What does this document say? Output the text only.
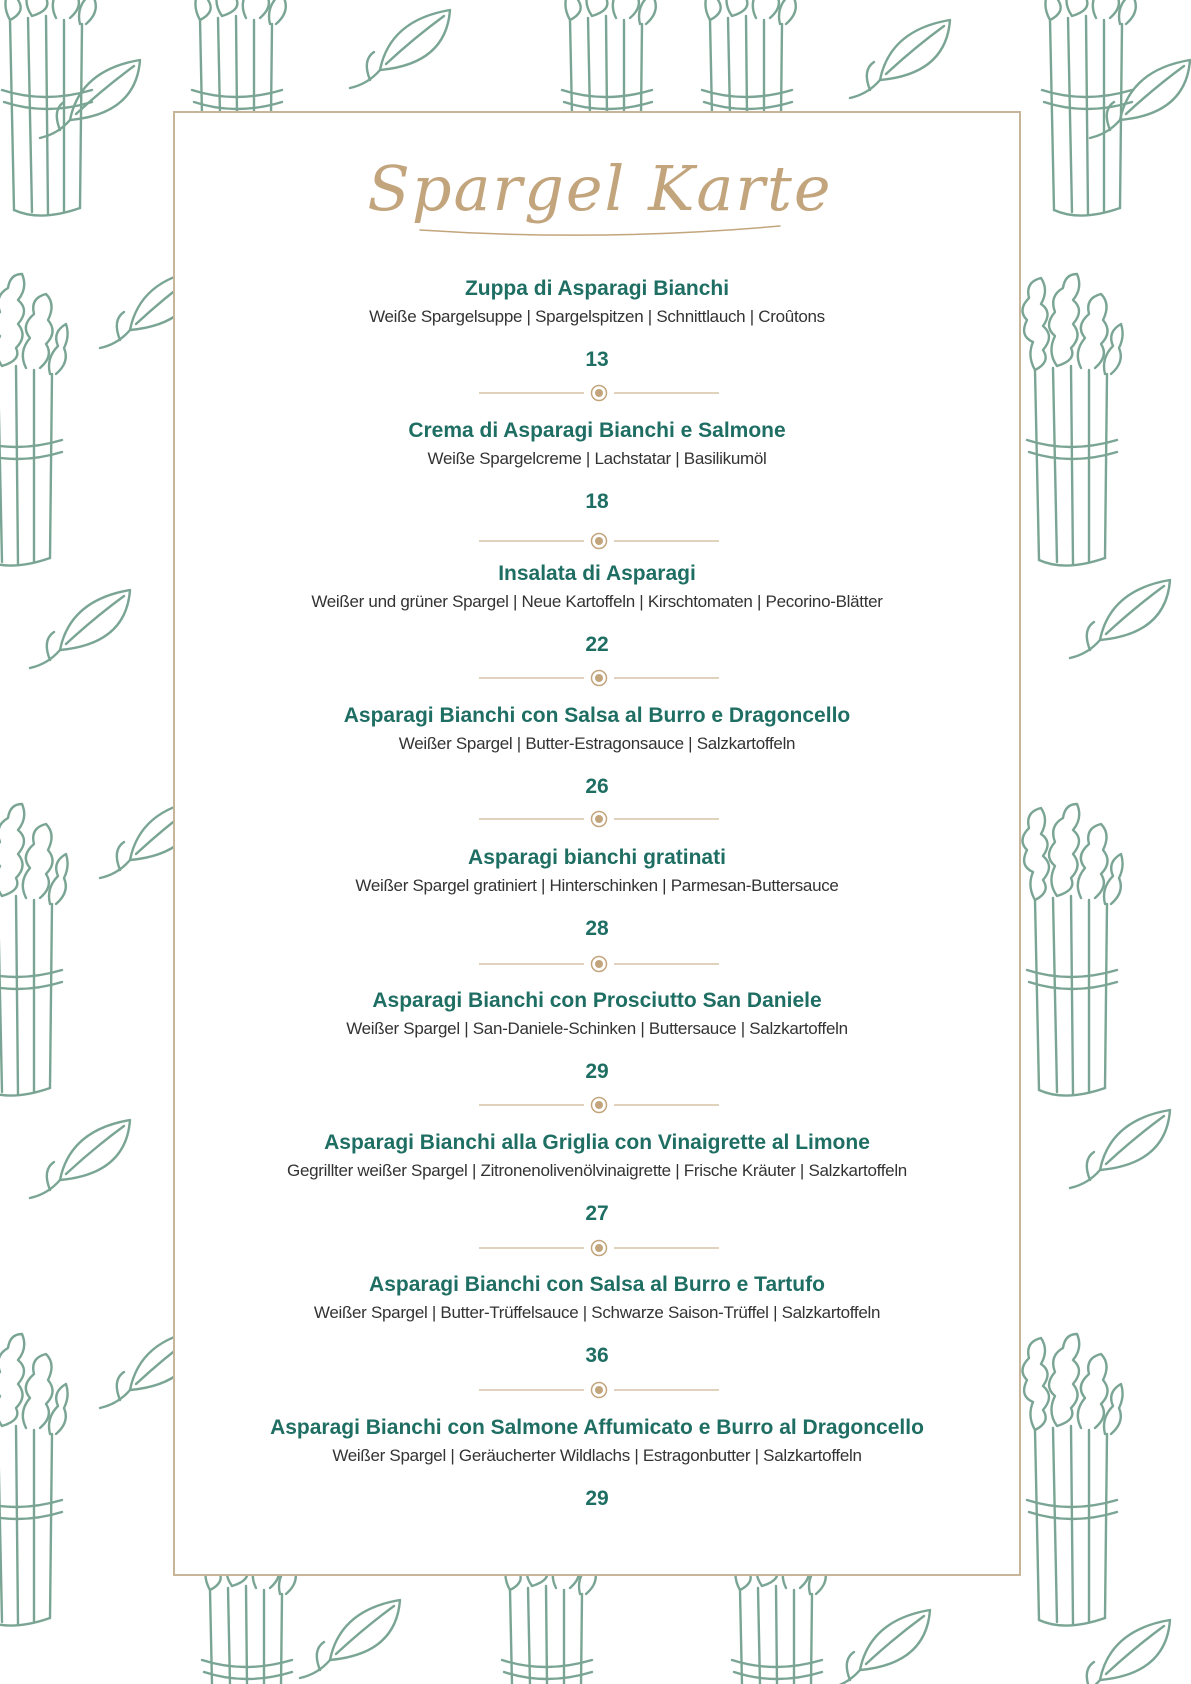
Spargel Karte
Zuppa di Asparagi Bianchi
Weiße Spargelsuppe | Spargelspitzen | Schnittlauch | Croûtons
13
Crema di Asparagi Bianchi e Salmone
Weiße Spargelcreme | Lachstatar | Basilikumöl
18
Insalata di Asparagi
Weißer und grüner Spargel | Neue Kartoffeln | Kirschtomaten | Pecorino-Blätter
22
Asparagi Bianchi con Salsa al Burro e Dragoncello
Weißer Spargel | Butter-Estragonsauce | Salzkartoffeln
26
Asparagi bianchi gratinati
Weißer Spargel gratiniert | Hinterschinken | Parmesan-Buttersauce
28
Asparagi Bianchi con Prosciutto San Daniele
Weißer Spargel | San-Daniele-Schinken | Buttersauce | Salzkartoffeln
29
Asparagi Bianchi alla Griglia con Vinaigrette al Limone
Gegrillter weißer Spargel | Zitronenolivenölvinaigrette | Frische Kräuter | Salzkartoffeln
27
Asparagi Bianchi con Salsa al Burro e Tartufo
Weißer Spargel | Butter-Trüffelsauce | Schwarze Saison-Trüffel | Salzkartoffeln
36
Asparagi Bianchi con Salmone Affumicato e Burro al Dragoncello
Weißer Spargel | Geräucherter Wildlachs | Estragonbutter | Salzkartoffeln
29
